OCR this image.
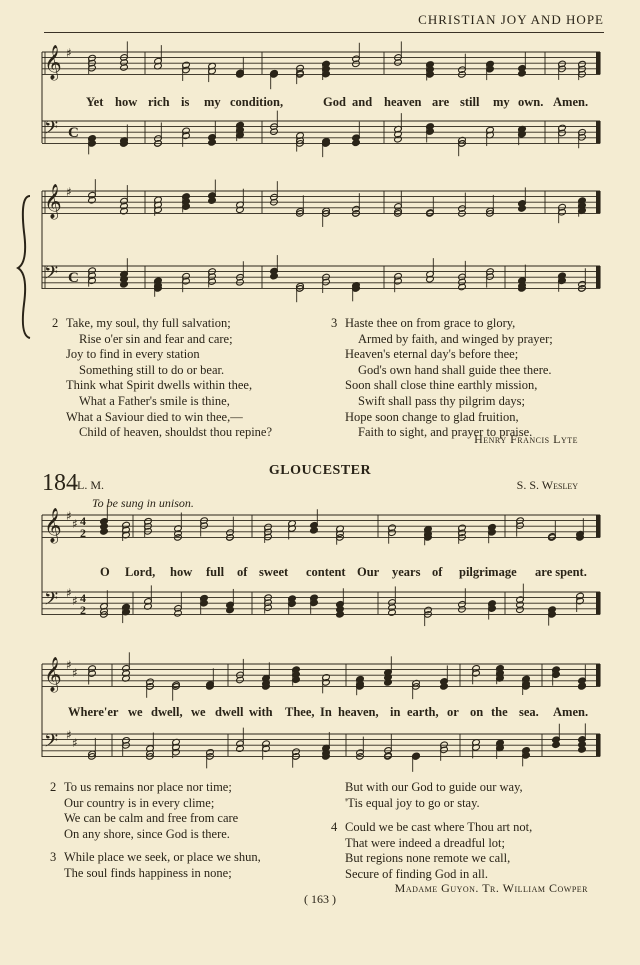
CHRISTIAN JOY AND HOPE
𝄞 ♯
𝄢 C
𝄞 ♯
𝄢 C
𝄞 ♯
♯ 4
2
𝄢 ♯
♯ 4
2
𝄞 ♯
♯
𝄢 ♯
♯
Yet how rich is my condition,	God and heaven are still my own. Amen.
2 Take, my soul, thy full salvation;
Rise o'er sin and fear and care;
Joy to find in every station
Something still to do or bear.
Think what Spirit dwells within thee,
What a Father's smile is thine,
What a Saviour died to win thee,—
Child of heaven, shouldst thou repine?
3 Haste thee on from grace to glory,
Armed by faith, and winged by prayer;
Heaven's eternal day's before thee;
God's own hand shall guide thee there.
Soon shall close thine earthly mission,
Swift shall pass thy pilgrim days;
Hope soon change to glad fruition,
Faith to sight, and prayer to praise.
Henry Francis Lyte
184 L. M.
GLOUCESTER
S. S. Wesley
To be sung in unison.
O Lord, how full of sweet content Our years of pilgrimage are spent.
Where'er we dwell, we dwell with Thee, In heaven, in earth, or on the sea. Amen.
2 To us remains nor place nor time;
Our country is in every clime;
We can be calm and free from care
On any shore, since God is there.
3 While place we seek, or place we shun,
The soul finds happiness in none;
But with our God to guide our way,
'Tis equal joy to go or stay.
4 Could we be cast where Thou art not,
That were indeed a dreadful lot;
But regions none remote we call,
Secure of finding God in all.
Madame Guyon. Tr. William Cowper
( 163 )
